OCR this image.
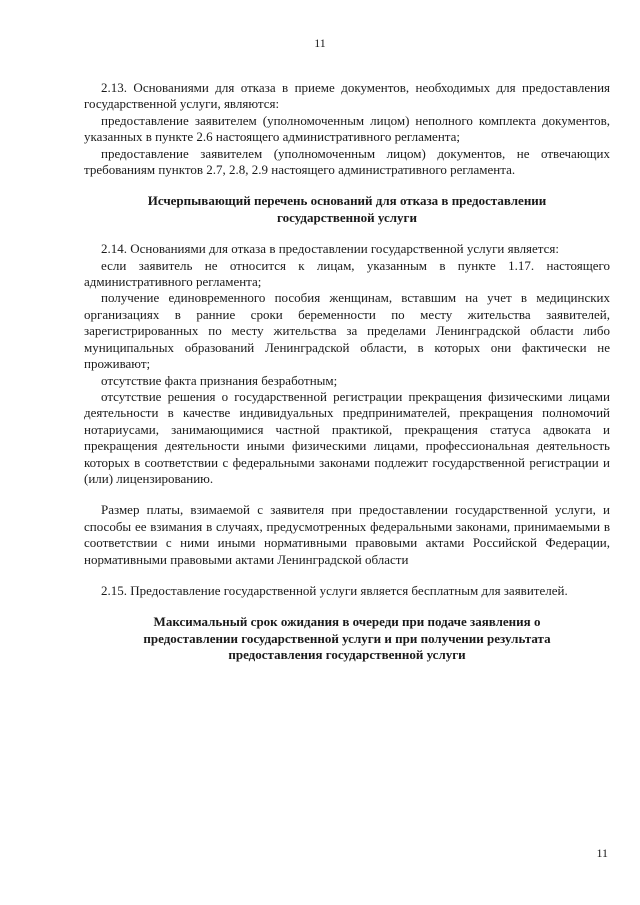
11

2.13. Основаниями для отказа в приеме документов, необходимых для предоставления государственной услуги, являются:

предоставление заявителем (уполномоченным лицом) неполного комплекта документов, указанных в пункте 2.6 настоящего административного регламента;

предоставление заявителем (уполномоченным лицом) документов, не отвечающих требованиям пунктов 2.7, 2.8, 2.9 настоящего административного регламента.

Исчерпывающий перечень оснований для отказа в предоставлении
государственной услуги

2.14. Основаниями для отказа в предоставлении государственной услуги является:

если заявитель не относится к лицам, указанным в пункте 1.17. настоящего административного регламента;

получение единовременного пособия женщинам, вставшим на учет в медицинских организациях в ранние сроки беременности по месту жительства заявителей, зарегистрированных по месту жительства за пределами Ленинградской области либо муниципальных образований Ленинградской области, в которых они фактически не проживают;

отсутствие факта признания безработным;

отсутствие решения о государственной регистрации прекращения физическими лицами деятельности в качестве индивидуальных предпринимателей, прекращения полномочий нотариусами, занимающимися частной практикой, прекращения статуса адвоката и прекращения деятельности иными физическими лицами, профессиональная деятельность которых в соответствии с федеральными законами подлежит государственной регистрации и (или) лицензированию.

Размер платы, взимаемой с заявителя при предоставлении государственной услуги, и способы ее взимания в случаях, предусмотренных федеральными законами, принимаемыми в соответствии с ними иными нормативными правовыми актами Российской Федерации, нормативными правовыми актами Ленинградской области

2.15. Предоставление государственной услуги является бесплатным для заявителей.

Максимальный срок ожидания в очереди при подаче заявления о
предоставлении государственной услуги и при получении результата
предоставления государственной услуги
11
